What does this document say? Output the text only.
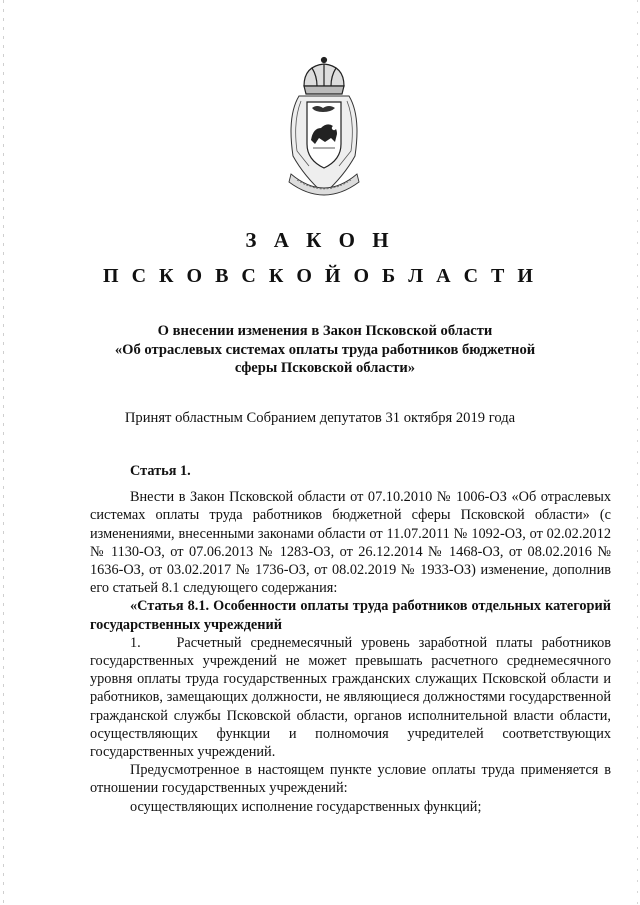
З А К О Н
П С К О В С К О Й О Б Л А С Т И
О внесении изменения в Закон Псковской области
«Об отраслевых системах оплаты труда работников бюджетной
сферы Псковской области»
Принят областным Собранием депутатов 31 октября 2019 года
Статья 1.

Внести в Закон Псковской области от 07.10.2010 № 1006-ОЗ «Об отраслевых системах оплаты труда работников бюджетной сферы Псковской области» (с изменениями, внесенными законами области от 11.07.2011 № 1092-ОЗ, от 02.02.2012 № 1130-ОЗ, от 07.06.2013 № 1283-ОЗ, от 26.12.2014 № 1468-ОЗ, от 08.02.2016 № 1636-ОЗ, от 03.02.2017 № 1736-ОЗ, от 08.02.2019 № 1933-ОЗ) изменение, дополнив его статьей 8.1 следующего содержания:

«Статья 8.1. Особенности оплаты труда работников отдельных категорий государственных учреждений

1.    Расчетный среднемесячный уровень заработной платы работников государственных учреждений не может превышать расчетного среднемесячного уровня оплаты труда государственных гражданских служащих Псковской области и работников, замещающих должности, не являющиеся должностями государственной гражданской службы Псковской области, органов исполнительной власти области, осуществляющих функции и полномочия учредителей соответствующих государственных учреждений.

Предусмотренное в настоящем пункте условие оплаты труда применяется в отношении государственных учреждений:

осуществляющих исполнение государственных функций;
